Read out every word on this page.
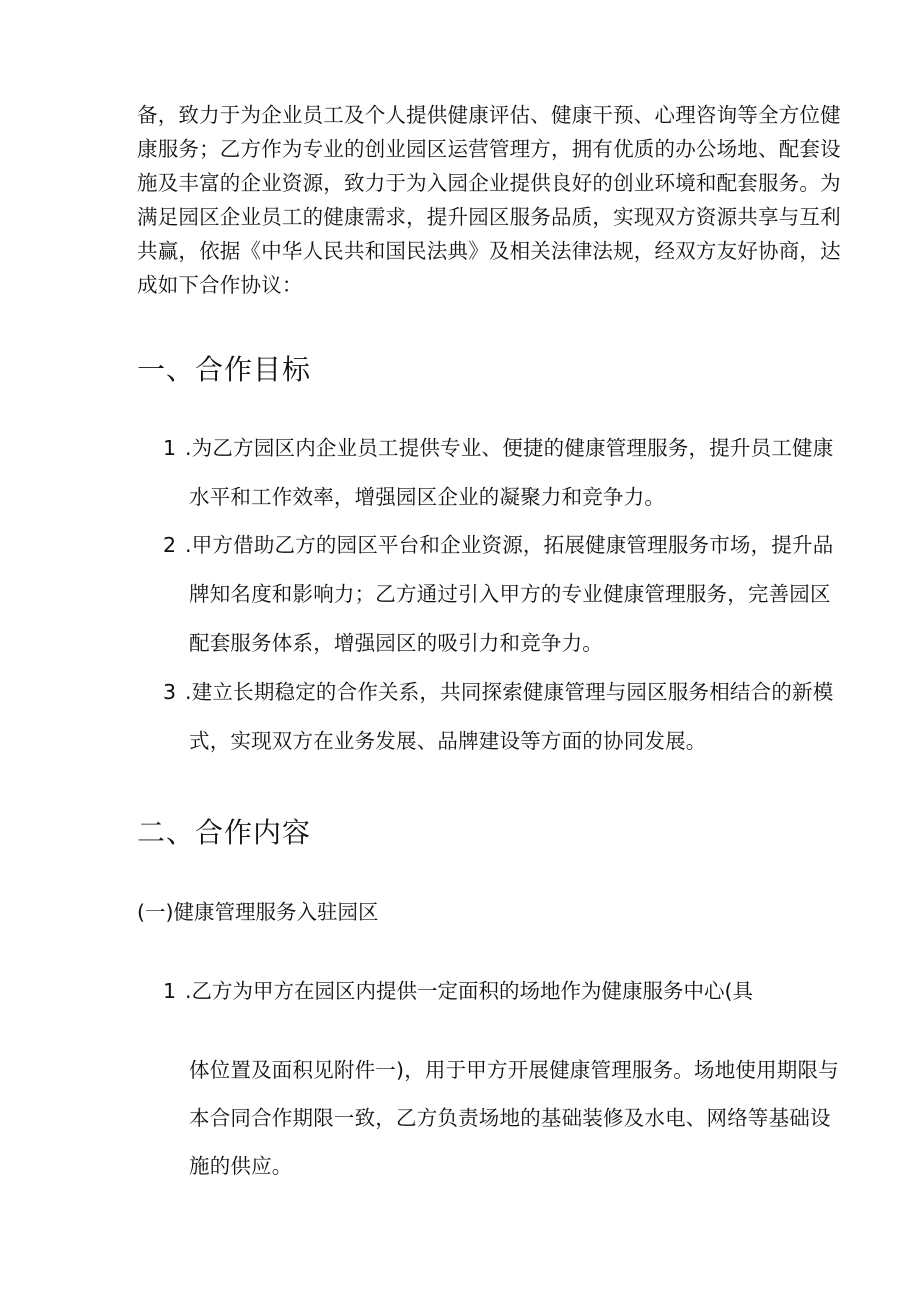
备，致力于为企业员工及个人提供健康评估、健康干预、心理咨询等全方位健
康服务；乙方作为专业的创业园区运营管理方，拥有优质的办公场地、配套设
施及丰富的企业资源，致力于为入园企业提供良好的创业环境和配套服务。为
满足园区企业员工的健康需求，提升园区服务品质，实现双方资源共享与互利
共赢，依据《中华人民共和国民法典》及相关法律法规，经双方友好协商，达
成如下合作协议：
一、合作目标
1 .为乙方园区内企业员工提供专业、便捷的健康管理服务，提升员工健康
水平和工作效率，增强园区企业的凝聚力和竞争力。
2 .甲方借助乙方的园区平台和企业资源，拓展健康管理服务市场，提升品
牌知名度和影响力；乙方通过引入甲方的专业健康管理服务，完善园区
配套服务体系，增强园区的吸引力和竞争力。
3 .建立长期稳定的合作关系，共同探索健康管理与园区服务相结合的新模
式，实现双方在业务发展、品牌建设等方面的协同发展。
二、合作内容
(一)健康管理服务入驻园区
1 .乙方为甲方在园区内提供一定面积的场地作为健康服务中心(具
体位置及面积见附件一)，用于甲方开展健康管理服务。场地使用期限与
本合同合作期限一致，乙方负责场地的基础装修及水电、网络等基础设
施的供应。
